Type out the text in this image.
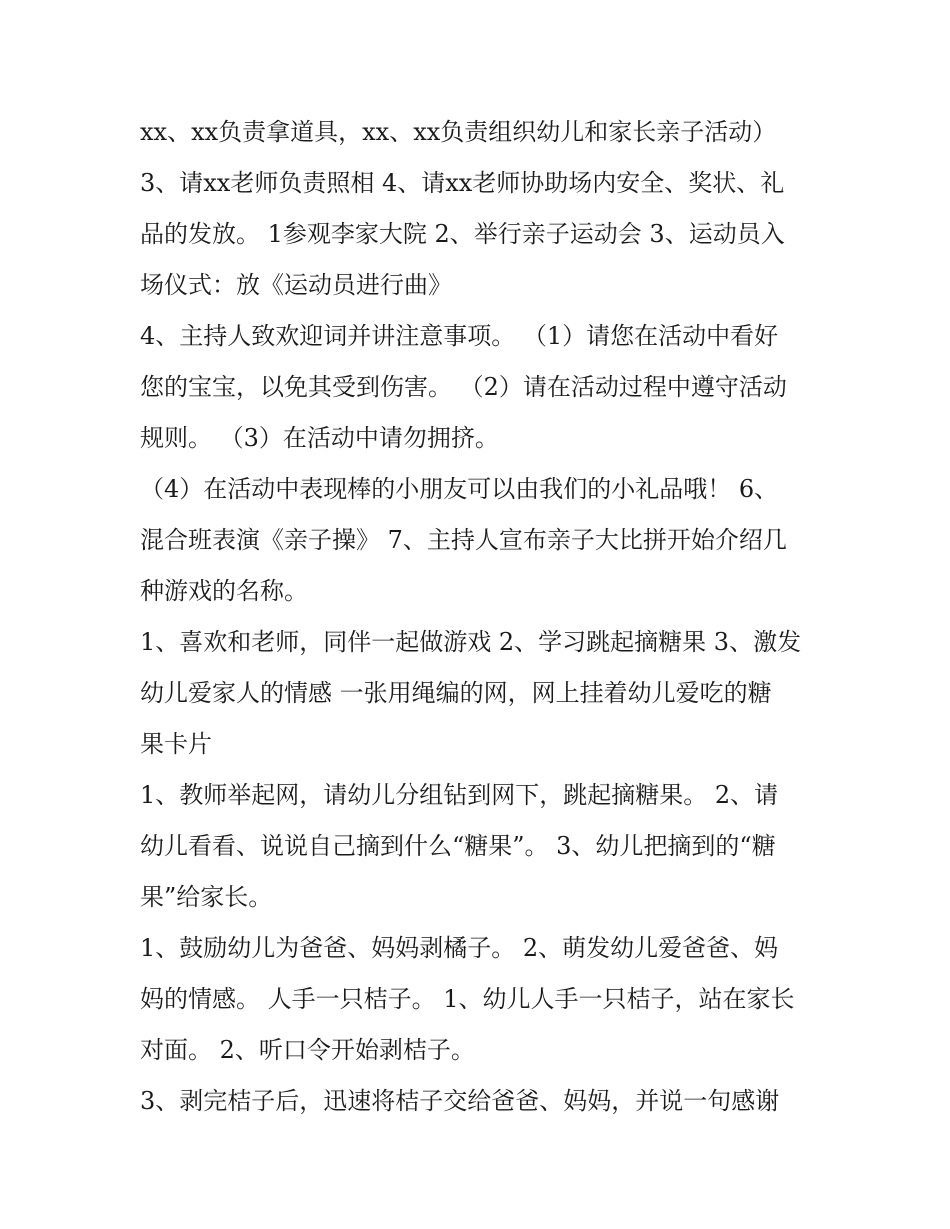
xx、xx负责拿道具，xx、xx负责组织幼儿和家长亲子活动）
3、请xx老师负责照相 4、请xx老师协助场内安全、奖状、礼
品的发放。 1参观李家大院 2、举行亲子运动会 3、运动员入
场仪式：放《运动员进行曲》
4、主持人致欢迎词并讲注意事项。 （1）请您在活动中看好
您的宝宝，以免其受到伤害。 （2）请在活动过程中遵守活动
规则。 （3）在活动中请勿拥挤。
（4）在活动中表现棒的小朋友可以由我们的小礼品哦！ 6、
混合班表演《亲子操》 7、主持人宣布亲子大比拼开始介绍几
种游戏的名称。
1、喜欢和老师，同伴一起做游戏 2、学习跳起摘糖果 3、激发
幼儿爱家人的情感 一张用绳编的网，网上挂着幼儿爱吃的糖
果卡片
1、教师举起网，请幼儿分组钻到网下，跳起摘糖果。 2、请
幼儿看看、说说自己摘到什么“糖果”。 3、幼儿把摘到的“糖
果”给家长。
1、鼓励幼儿为爸爸、妈妈剥橘子。 2、萌发幼儿爱爸爸、妈
妈的情感。 人手一只桔子。 1、幼儿人手一只桔子，站在家长
对面。 2、听口令开始剥桔子。
3、剥完桔子后，迅速将桔子交给爸爸、妈妈，并说一句感谢
